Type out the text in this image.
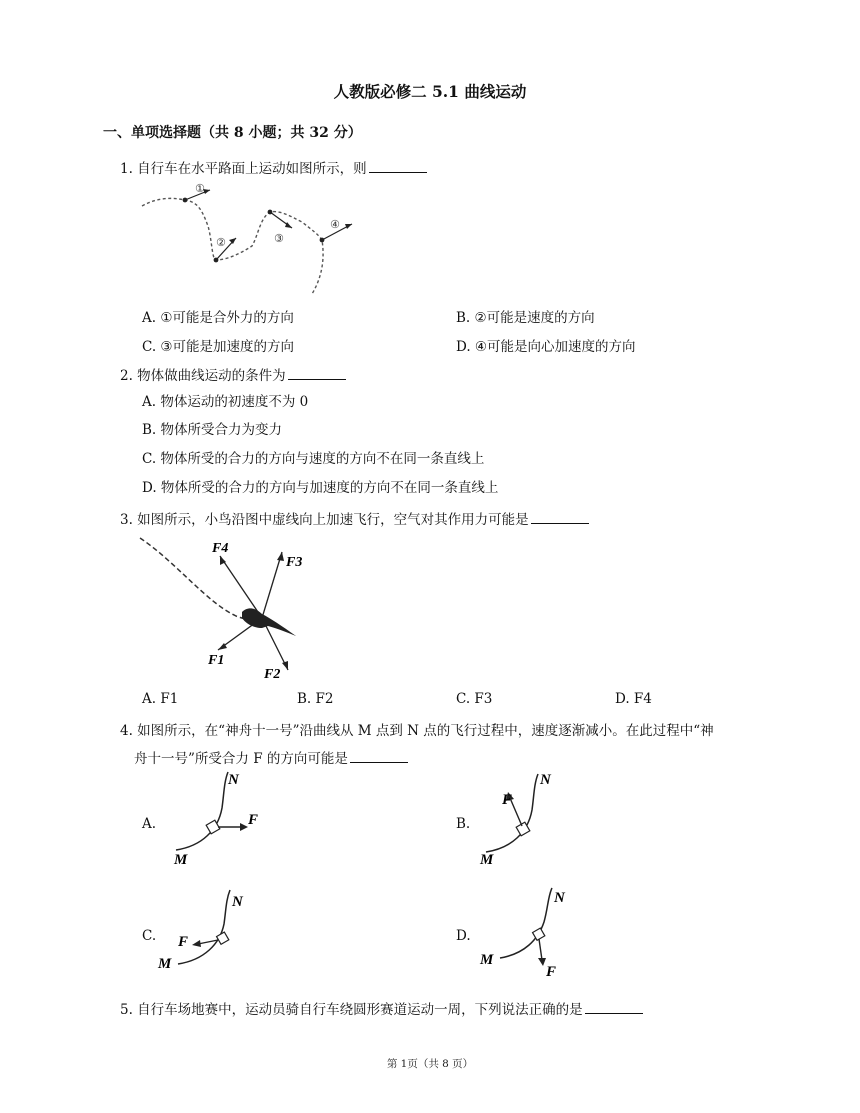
人教版必修二 5.1 曲线运动
一、单项选择题（共 8 小题；共 32 分）
1. 自行车在水平路面上运动如图所示，则
①
②	③
④
A. ①可能是合外力的方向	B. ②可能是速度的方向
C. ③可能是加速度的方向	D. ④可能是向心加速度的方向
2. 物体做曲线运动的条件为
A. 物体运动的初速度不为 0
B. 物体所受合力为变力
C. 物体所受的合力的方向与速度的方向不在同一条直线上
D. 物体所受的合力的方向与加速度的方向不在同一条直线上
3. 如图所示，小鸟沿图中虚线向上加速飞行，空气对其作用力可能是
F4
F3
F1
F2
A. F1	B. F2	C. F3	D. F4
4. 如图所示，在“神舟十一号”沿曲线从 M 点到 N 点的飞行过程中，速度逐渐减小。在此过程中“神
舟十一号”所受合力 F 的方向可能是
A.
N
M
F	B.
N
M
F
C.
N
M
F	D.
N
M
F
5. 自行车场地赛中，运动员骑自行车绕圆形赛道运动一周，下列说法正确的是
第 1页（共 8 页）
